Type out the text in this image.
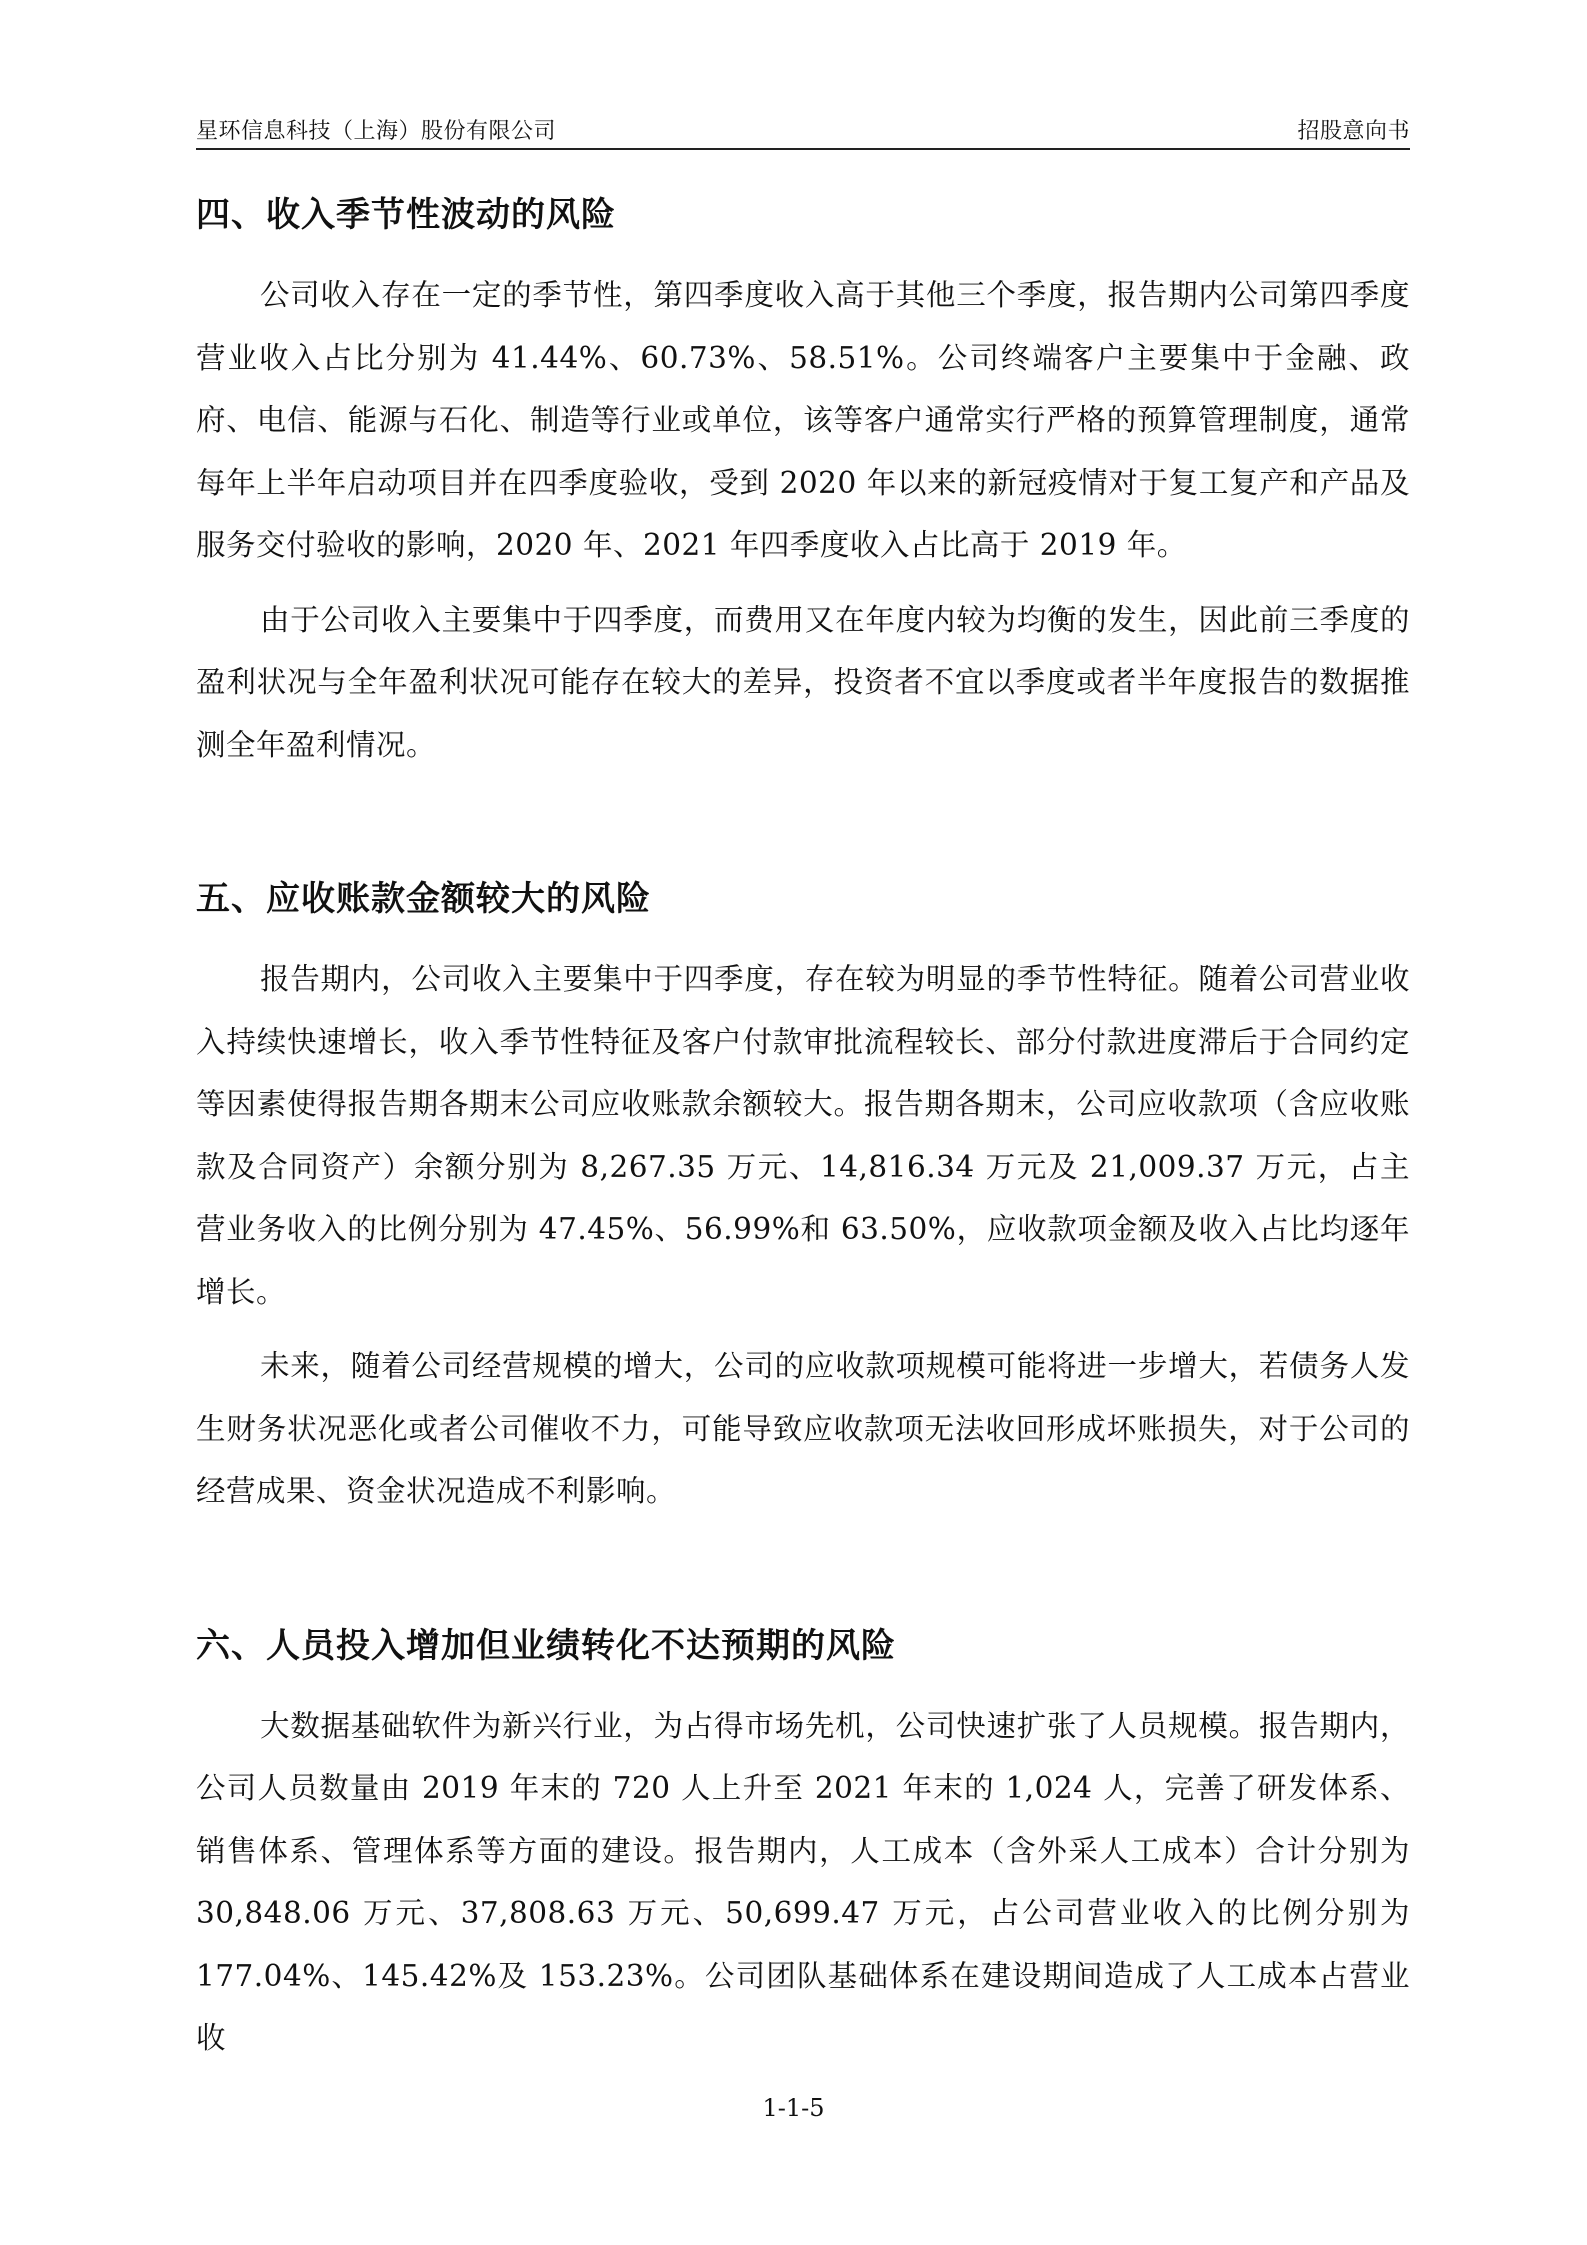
星环信息科技（上海）股份有限公司	招股意向书
四、收入季节性波动的风险

公司收入存在一定的季节性，第四季度收入高于其他三个季度，报告期内公司第四季度营业收入占比分别为 41.44%、60.73%、58.51%。公司终端客户主要集中于金融、政府、电信、能源与石化、制造等行业或单位，该等客户通常实行严格的预算管理制度，通常每年上半年启动项目并在四季度验收，受到 2020 年以来的新冠疫情对于复工复产和产品及服务交付验收的影响，2020 年、2021 年四季度收入占比高于 2019 年。

由于公司收入主要集中于四季度，而费用又在年度内较为均衡的发生，因此前三季度的盈利状况与全年盈利状况可能存在较大的差异，投资者不宜以季度或者半年度报告的数据推测全年盈利情况。

五、应收账款金额较大的风险

报告期内，公司收入主要集中于四季度，存在较为明显的季节性特征。随着公司营业收入持续快速增长，收入季节性特征及客户付款审批流程较长、部分付款进度滞后于合同约定等因素使得报告期各期末公司应收账款余额较大。报告期各期末，公司应收款项（含应收账款及合同资产）余额分别为 8,267.35 万元、14,816.34 万元及 21,009.37 万元，占主营业务收入的比例分别为 47.45%、56.99%和 63.50%，应收款项金额及收入占比均逐年增长。

未来，随着公司经营规模的增大，公司的应收款项规模可能将进一步增大，若债务人发生财务状况恶化或者公司催收不力，可能导致应收款项无法收回形成坏账损失，对于公司的经营成果、资金状况造成不利影响。

六、人员投入增加但业绩转化不达预期的风险

大数据基础软件为新兴行业，为占得市场先机，公司快速扩张了人员规模。报告期内，公司人员数量由 2019 年末的 720 人上升至 2021 年末的 1,024 人，完善了研发体系、销售体系、管理体系等方面的建设。报告期内，人工成本（含外采人工成本）合计分别为 30,848.06 万元、37,808.63 万元、50,699.47 万元，占公司营业收入的比例分别为 177.04%、145.42%及 153.23%。公司团队基础体系在建设期间造成了人工成本占营业收

1-1-5
